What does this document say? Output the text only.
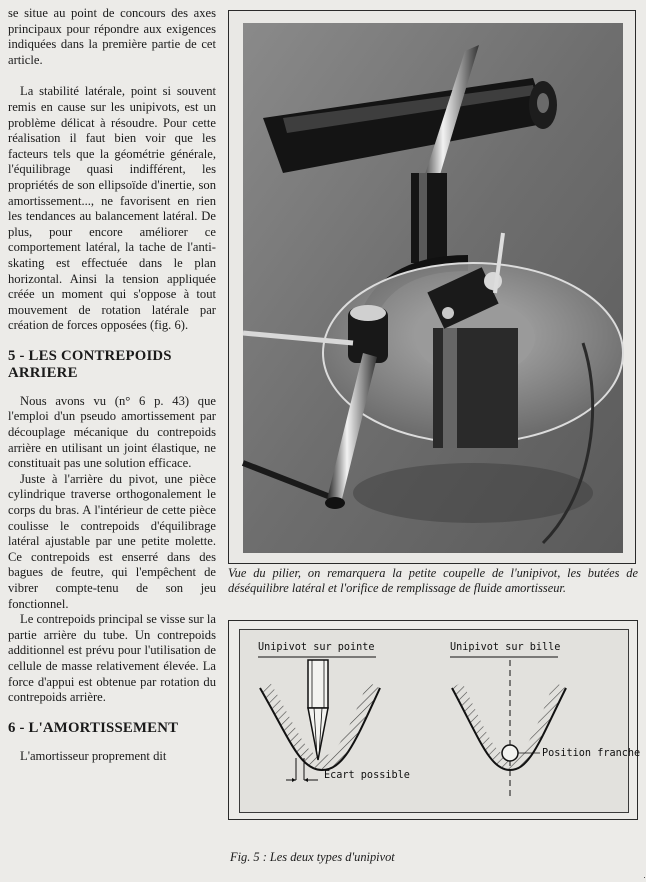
se situe au point de concours des axes principaux pour répondre aux exigences indiquées dans la première partie de cet article.

La stabilité latérale, point si souvent remis en cause sur les unipivots, est un problème délicat à résoudre. Pour cette réalisation il faut bien voir que les facteurs tels que la géométrie générale, l'équilibrage quasi indifférent, les propriétés de son ellipsoïde d'inertie, son amortissement..., ne favorisent en rien les tendances au balancement latéral. De plus, pour encore améliorer ce comportement latéral, la tache de l'anti-skating est effectuée dans le plan horizontal. Ainsi la tension appliquée créée un moment qui s'oppose à tout mouvement de rotation latérale par création de forces opposées (fig. 6).

5 - LES CONTREPOIDS ARRIERE

Nous avons vu (n° 6 p. 43) que l'emploi d'un pseudo amortissement par découplage mécanique du contrepoids arrière en utilisant un joint élastique, ne constituait pas une solution efficace.

Juste à l'arrière du pivot, une pièce cylindrique traverse orthogonalement le corps du bras. A l'intérieur de cette pièce coulisse le contrepoids d'équilibrage latéral ajustable par une petite molette. Ce contrepoids est enserré dans des bagues de feutre, qui l'empêchent de vibrer compte-tenu de son jeu fonctionnel.

Le contrepoids principal se visse sur la partie arrière du tube. Un contrepoids additionnel est prévu pour l'utilisation de cellule de masse relativement élevée. La force d'appui est obtenue par rotation du contrepoids arrière.

6 - L'AMORTISSEMENT

L'amortisseur proprement dit

Vue du pilier, on remarquera la petite coupelle de l'unipivot, les butées de déséquilibre latéral et l'orifice de remplissage de fluide amortisseur.
Unipivot sur pointe	Unipivot sur bille
Ecart possible
Position franche
Fig. 5 : Les deux types d'unipivot
·
